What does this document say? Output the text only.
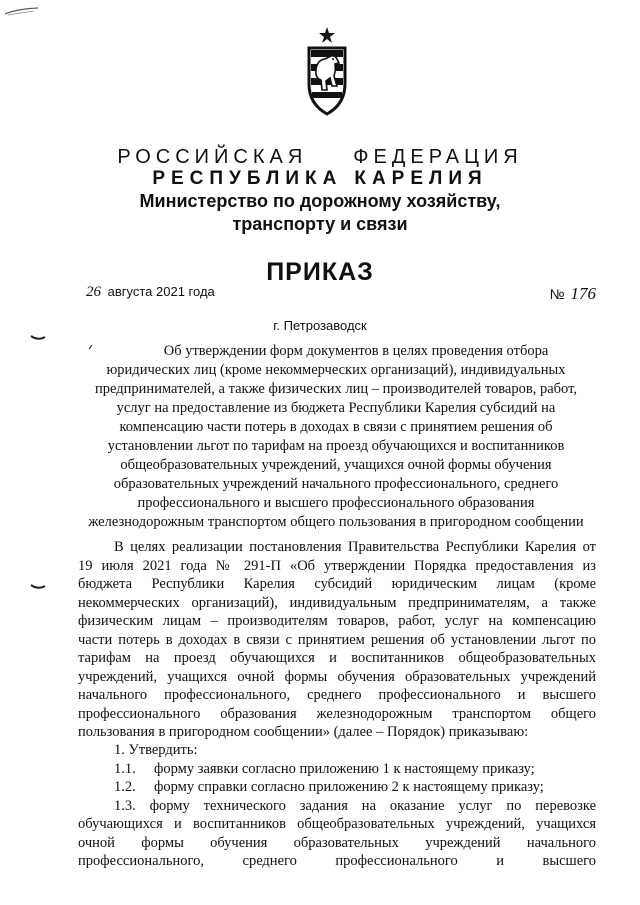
РОССИЙСКАЯ ФЕДЕРАЦИЯ
РЕСПУБЛИКА КАРЕЛИЯ
Министерство по дорожному хозяйству,
транспорту и связи
ПРИКАЗ
26 августа 2021 года	№ 176
г. Петрозаводск
Об утверждении форм документов в целях проведения отбора
юридических лиц (кроме некоммерческих организаций), индивидуальных
предпринимателей, а также физических лиц – производителей товаров, работ,
услуг на предоставление из бюджета Республики Карелия субсидий на
компенсацию части потерь в доходах в связи с принятием решения об
установлении льгот по тарифам на проезд обучающихся и воспитанников
общеобразовательных учреждений, учащихся очной формы обучения
образовательных учреждений начального профессионального, среднего
профессионального и высшего профессионального образования
железнодорожным транспортом общего пользования в пригородном сообщении
В целях реализации постановления Правительства Республики Карелия от
19 июля 2021 года № 291-П «Об утверждении Порядка предоставления из
бюджета Республики Карелия субсидий юридическим лицам (кроме
некоммерческих организаций), индивидуальным предпринимателям, а также
физическим лицам – производителям товаров, работ, услуг на компенсацию
части потерь в доходах в связи с принятием решения об установлении льгот по
тарифам на проезд обучающихся и воспитанников общеобразовательных
учреждений, учащихся очной формы обучения образовательных учреждений
начального профессионального, среднего профессионального и высшего
профессионального образования железнодорожным транспортом общего
пользования в пригородном сообщении» (далее – Порядок) приказываю:
1. Утвердить:
1.1. форму заявки согласно приложению 1 к настоящему приказу;
1.2. форму справки согласно приложению 2 к настоящему приказу;
1.3. форму технического задания на оказание услуг по перевозке
обучающихся и воспитанников общеобразовательных учреждений, учащихся
очной формы обучения образовательных учреждений начального
профессионального, среднего профессионального и высшего
